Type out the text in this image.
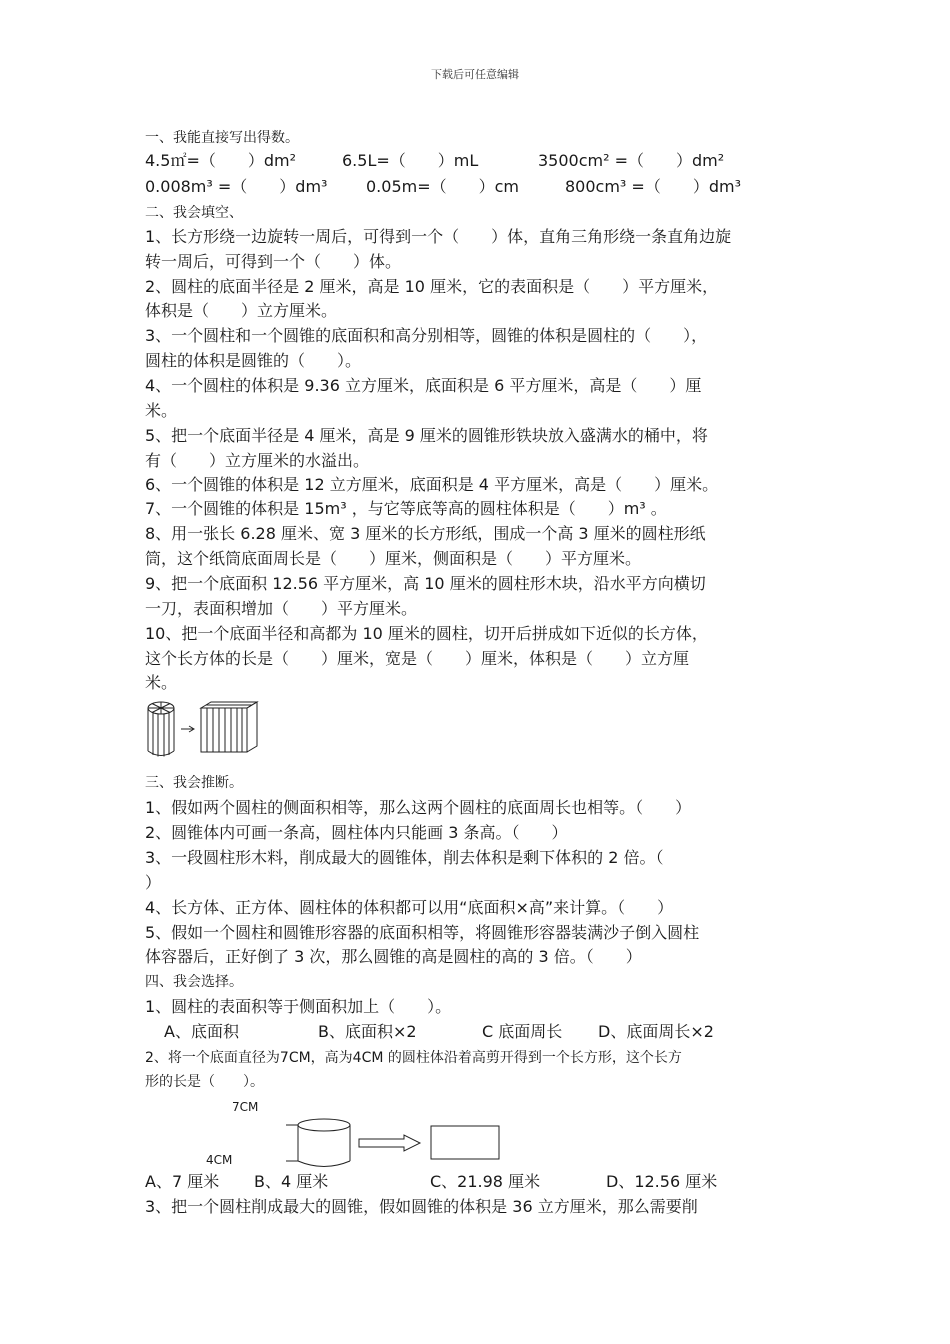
下载后可任意编辑
一、我能直接写出得数。
4.5㎡=（　　）dm²	6.5L=（　　）mL	3500cm² =（　　）dm²
0.008m³ =（　　）dm³ 0.05m=（　　）cm	800cm³ =（　　）dm³
二、我会填空、
1、长方形绕一边旋转一周后，可得到一个（　　）体，直角三角形绕一条直角边旋
转一周后，可得到一个（　　）体。
2、圆柱的底面半径是 2 厘米，高是 10 厘米，它的表面积是（　　）平方厘米，
体积是（　　）立方厘米。
3、一个圆柱和一个圆锥的底面积和高分别相等，圆锥的体积是圆柱的（　　），
圆柱的体积是圆锥的（　　）。
4、一个圆柱的体积是 9.36 立方厘米，底面积是 6 平方厘米，高是（　　）厘
米。
5、把一个底面半径是 4 厘米，高是 9 厘米的圆锥形铁块放入盛满水的桶中，将
有（　　）立方厘米的水溢出。
6、一个圆锥的体积是 12 立方厘米，底面积是 4 平方厘米，高是（　　）厘米。
7、一个圆锥的体积是 15m³ ，与它等底等高的圆柱体积是（　　）m³ 。
8、用一张长 6.28 厘米、宽 3 厘米的长方形纸，围成一个高 3 厘米的圆柱形纸
筒，这个纸筒底面周长是（　　）厘米，侧面积是（　　）平方厘米。
9、把一个底面积 12.56 平方厘米，高 10 厘米的圆柱形木块，沿水平方向横切
一刀，表面积增加（　　）平方厘米。
10、把一个底面半径和高都为 10 厘米的圆柱，切开后拼成如下近似的长方体，
这个长方体的长是（　　）厘米，宽是（　　）厘米，体积是（　　）立方厘
米。
三、我会推断。
1、假如两个圆柱的侧面积相等，那么这两个圆柱的底面周长也相等。（　　）
2、圆锥体内可画一条高，圆柱体内只能画 3 条高。（　　）
3、一段圆柱形木料，削成最大的圆锥体，削去体积是剩下体积的 2 倍。（
）
4、长方体、正方体、圆柱体的体积都可以用“底面积×高”来计算。（　　）
5、假如一个圆柱和圆锥形容器的底面积相等，将圆锥形容器装满沙子倒入圆柱
体容器后，正好倒了 3 次，那么圆锥的高是圆柱的高的 3 倍。（　　）
四、我会选择。
1、圆柱的表面积等于侧面积加上（　　）。
A、底面积	B、底面积×2	C 底面周长 D、底面周长×2
2、将一个底面直径为7CM，高为4CM 的圆柱体沿着高剪开得到一个长方形，这个长方
形的长是（　　）。
7CM
4CM
A、7 厘米 B、4 厘米	C、21.98 厘米	D、12.56 厘米
3、把一个圆柱削成最大的圆锥，假如圆锥的体积是 36 立方厘米，那么需要削
